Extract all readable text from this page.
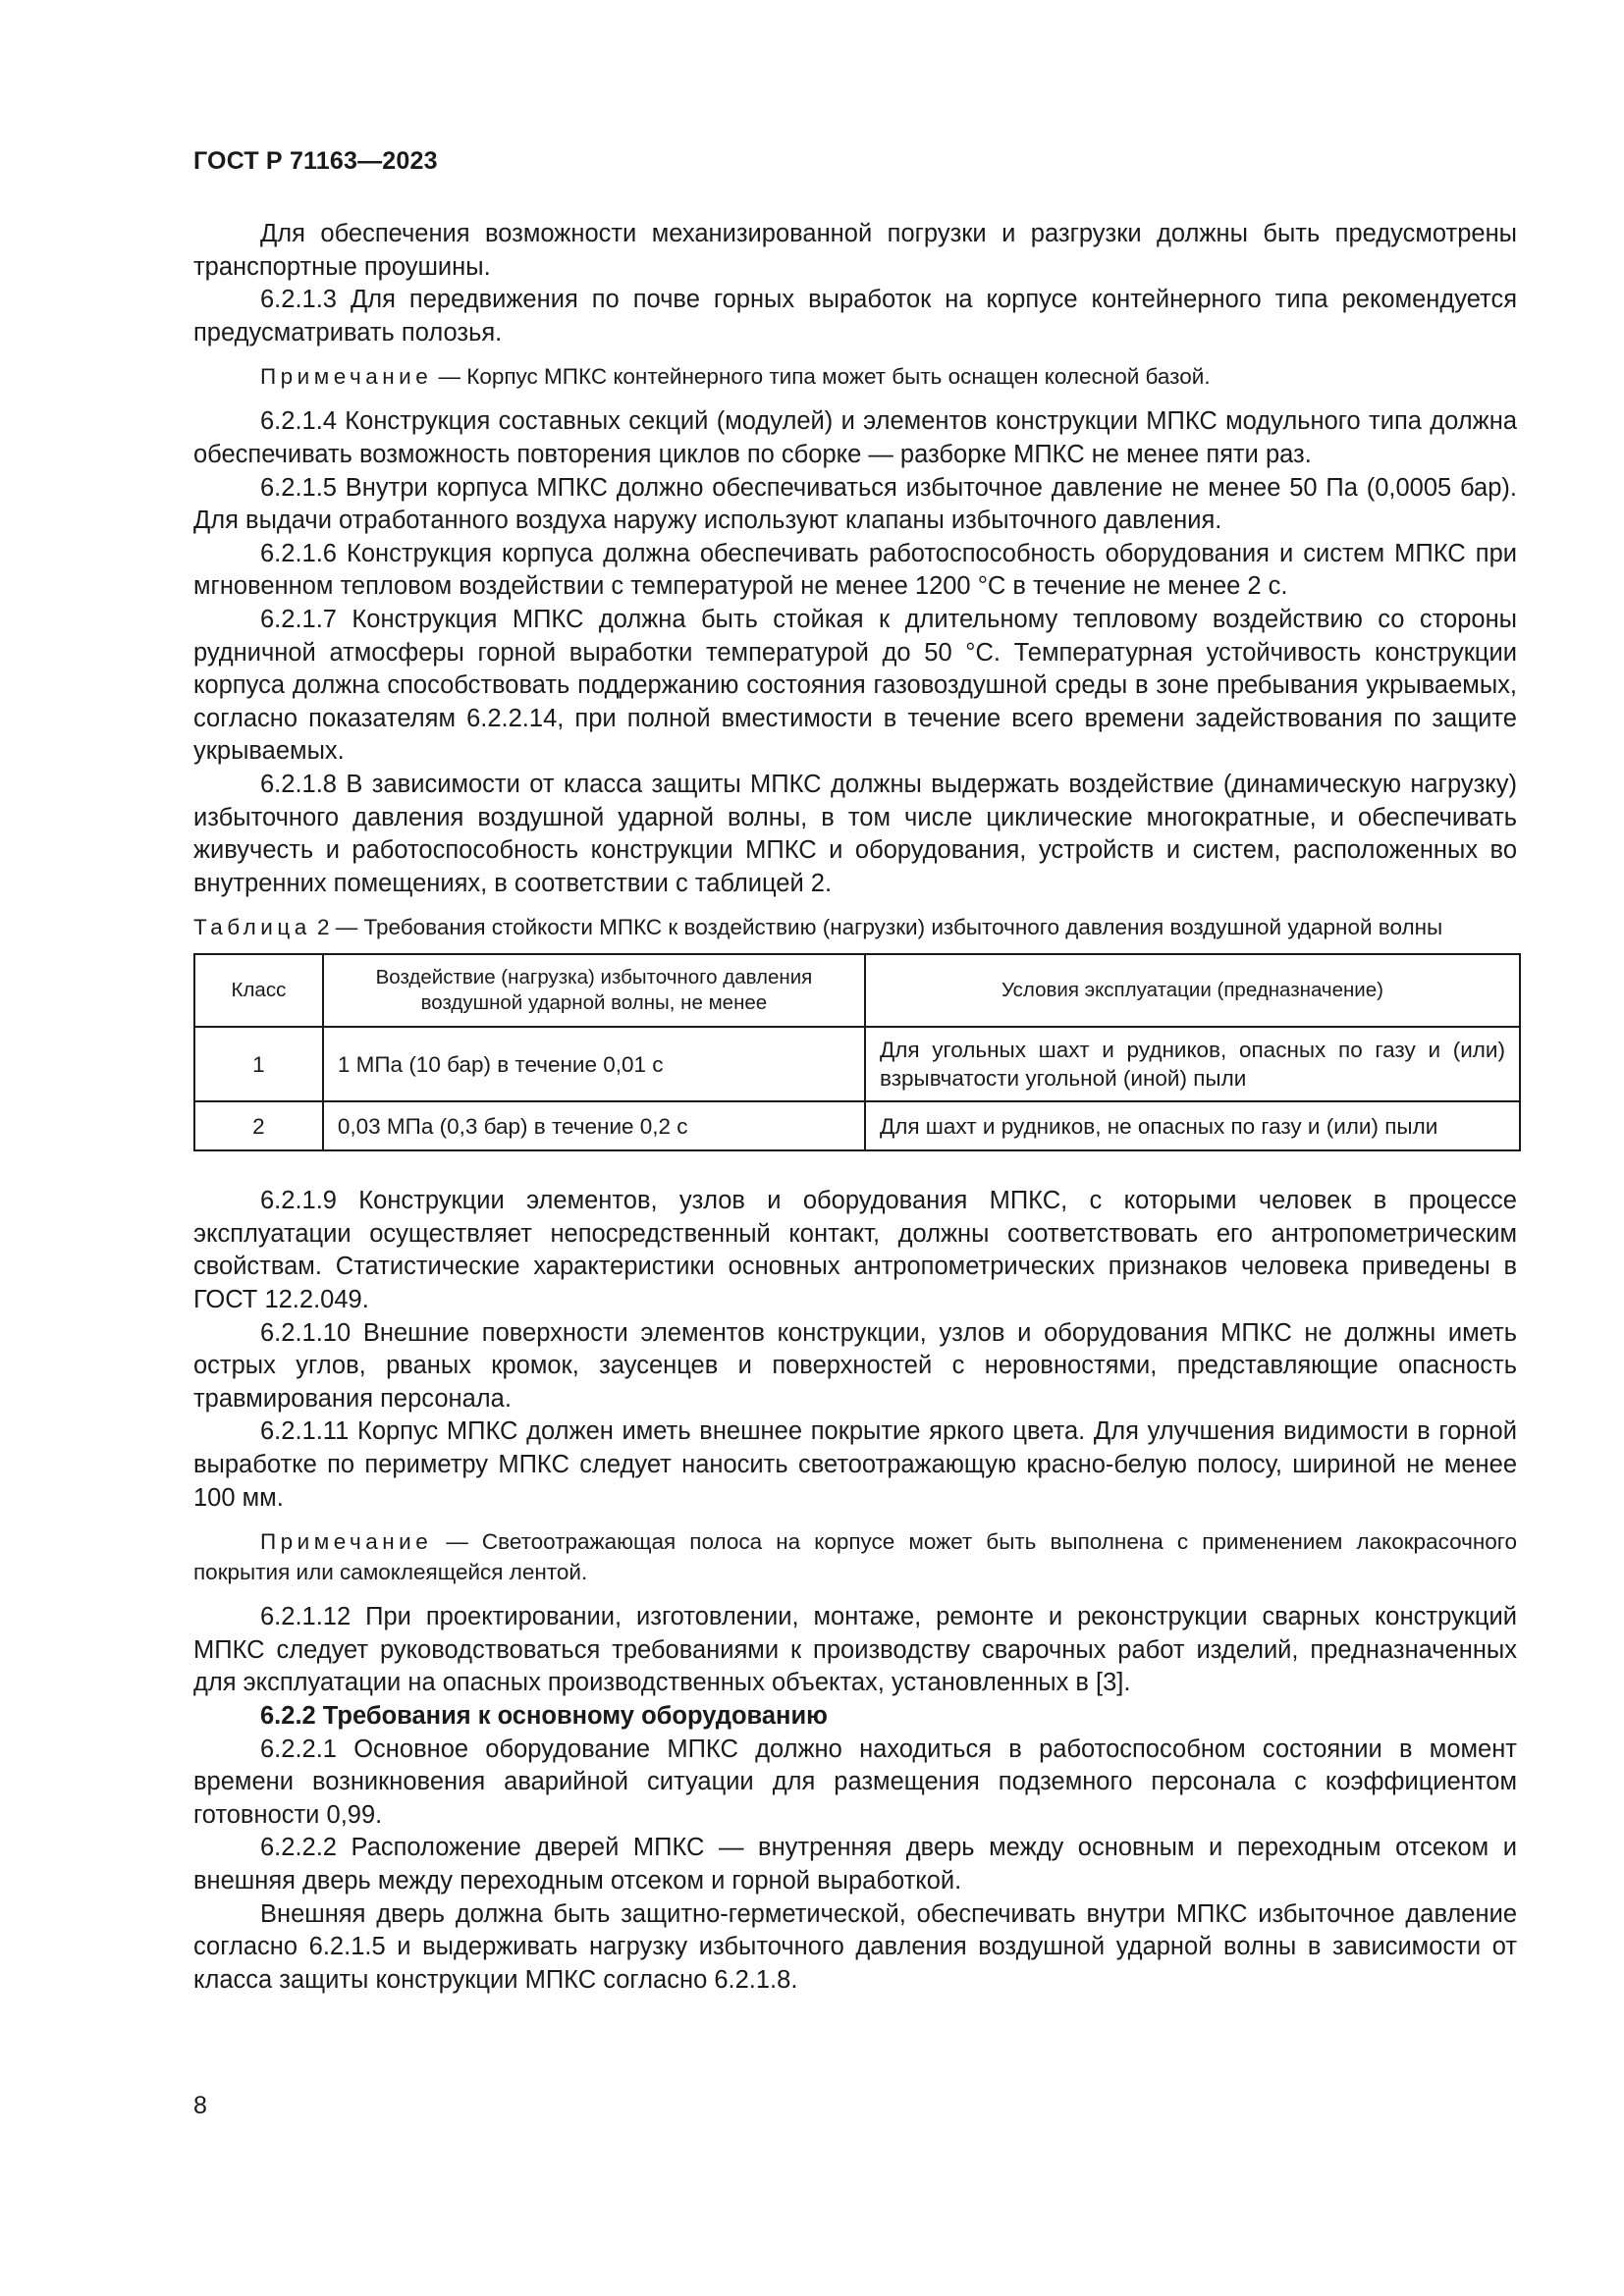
ГОСТ Р 71163—2023

Для обеспечения возможности механизированной погрузки и разгрузки должны быть предусмотрены транспортные проушины.

6.2.1.3 Для передвижения по почве горных выработок на корпусе контейнерного типа рекомендуется предусматривать полозья.

Примечание — Корпус МПКС контейнерного типа может быть оснащен колесной базой.

6.2.1.4 Конструкция составных секций (модулей) и элементов конструкции МПКС модульного типа должна обеспечивать возможность повторения циклов по сборке — разборке МПКС не менее пяти раз.

6.2.1.5 Внутри корпуса МПКС должно обеспечиваться избыточное давление не менее 50 Па (0,0005 бар). Для выдачи отработанного воздуха наружу используют клапаны избыточного давления.

6.2.1.6 Конструкция корпуса должна обеспечивать работоспособность оборудования и систем МПКС при мгновенном тепловом воздействии с температурой не менее 1200 °С в течение не менее 2 с.

6.2.1.7 Конструкция МПКС должна быть стойкая к длительному тепловому воздействию со стороны рудничной атмосферы горной выработки температурой до 50 °С. Температурная устойчивость конструкции корпуса должна способствовать поддержанию состояния газовоздушной среды в зоне пребывания укрываемых, согласно показателям 6.2.2.14, при полной вместимости в течение всего времени задействования по защите укрываемых.

6.2.1.8 В зависимости от класса защиты МПКС должны выдержать воздействие (динамическую нагрузку) избыточного давления воздушной ударной волны, в том числе циклические многократные, и обеспечивать живучесть и работоспособность конструкции МПКС и оборудования, устройств и систем, расположенных во внутренних помещениях, в соответствии с таблицей 2.

Таблица 2 — Требования стойкости МПКС к воздействию (нагрузки) избыточного давления воздушной ударной волны

Класс	Воздействие (нагрузка) избыточного давления воздушной ударной волны, не менее	Условия эксплуатации (предназначение)
1	1 МПа (10 бар) в течение 0,01 с	Для угольных шахт и рудников, опасных по газу и (или) взрывчатости угольной (иной) пыли
2	0,03 МПа (0,3 бар) в течение 0,2 с	Для шахт и рудников, не опасных по газу и (или) пыли

6.2.1.9 Конструкции элементов, узлов и оборудования МПКС, с которыми человек в процессе эксплуатации осуществляет непосредственный контакт, должны соответствовать его антропометрическим свойствам. Статистические характеристики основных антропометрических признаков человека приведены в ГОСТ 12.2.049.

6.2.1.10 Внешние поверхности элементов конструкции, узлов и оборудования МПКС не должны иметь острых углов, рваных кромок, заусенцев и поверхностей с неровностями, представляющие опасность травмирования персонала.

6.2.1.11 Корпус МПКС должен иметь внешнее покрытие яркого цвета. Для улучшения видимости в горной выработке по периметру МПКС следует наносить светоотражающую красно-белую полосу, шириной не менее 100 мм.

Примечание — Светоотражающая полоса на корпусе может быть выполнена с применением лакокрасочного покрытия или самоклеящейся лентой.

6.2.1.12 При проектировании, изготовлении, монтаже, ремонте и реконструкции сварных конструкций МПКС следует руководствоваться требованиями к производству сварочных работ изделий, предназначенных для эксплуатации на опасных производственных объектах, установленных в [3].

6.2.2 Требования к основному оборудованию

6.2.2.1 Основное оборудование МПКС должно находиться в работоспособном состоянии в момент времени возникновения аварийной ситуации для размещения подземного персонала с коэффициентом готовности 0,99.

6.2.2.2 Расположение дверей МПКС — внутренняя дверь между основным и переходным отсеком и внешняя дверь между переходным отсеком и горной выработкой.

Внешняя дверь должна быть защитно-герметической, обеспечивать внутри МПКС избыточное давление согласно 6.2.1.5 и выдерживать нагрузку избыточного давления воздушной ударной волны в зависимости от класса защиты конструкции МПКС согласно 6.2.1.8.

8
